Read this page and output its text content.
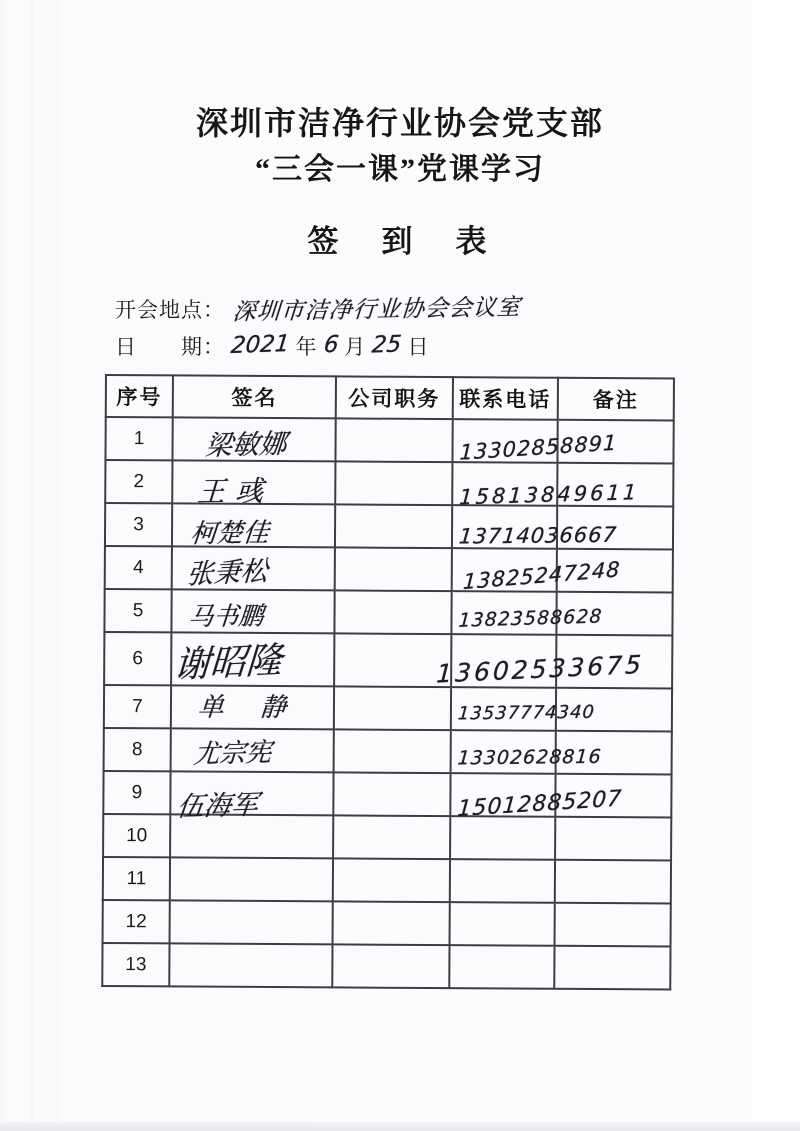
深圳市洁净行业协会党支部
“三会一课”党课学习
签　到　表
开会地点： 深圳市洁净行业协会会议室
日 期： 2021 年 6 月 25 日
序号	签名	公司职务	联系电话	备注
1	梁敏娜		13302858891	
2	王彧		15813849611	
3	柯楚佳		13714036667	
4	张秉松		13825247248	
5	马书鹏		13823588628	
6	谢昭隆		13602533675	
7	单 静		13537774340	
8	尤宗宪		13302628816	
9	伍海军		15012885207	
10				
11				
12				
13				
